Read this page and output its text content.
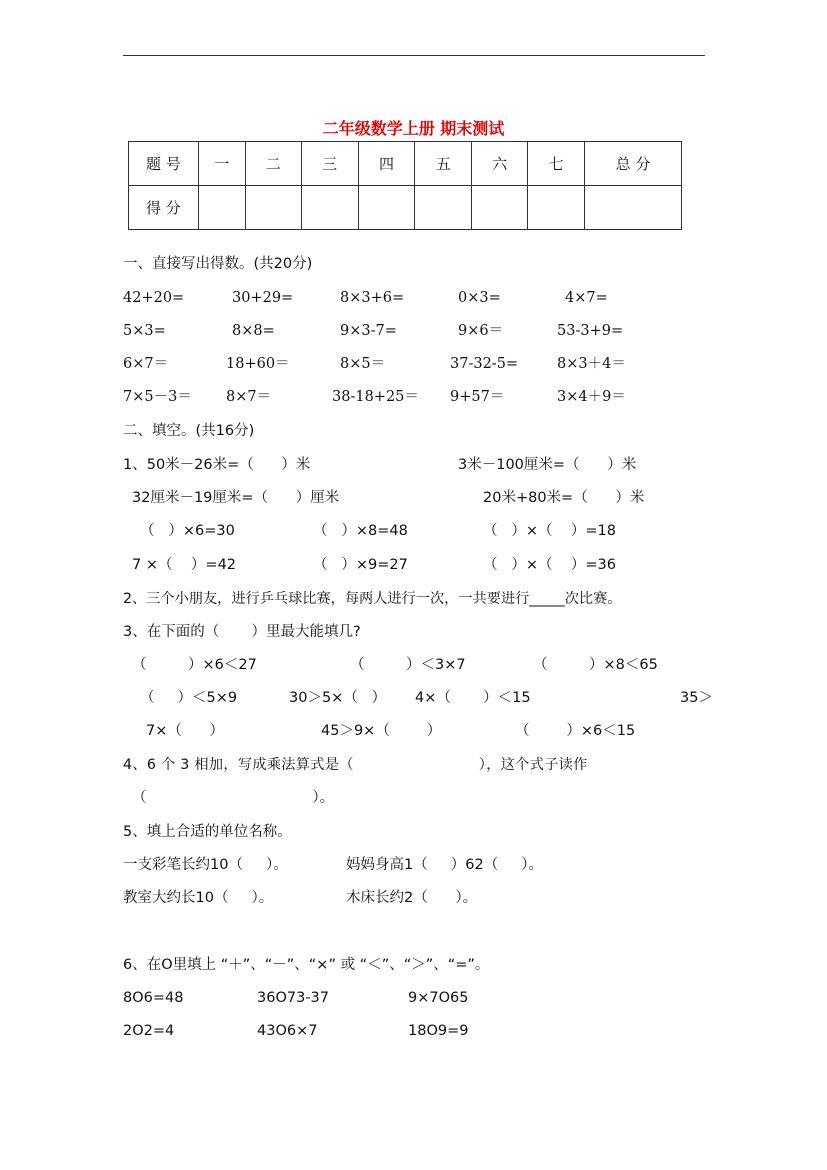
二年级数学上册 期末测试
题 号	一	二	三	四	五	六	七	总 分
得 分								
一、直接写出得数。(共20分)
42+20=	30+29=	8×3+6=	0×3=	4×7=
5×3=	8×8=	9×3-7=	9×6＝	53-3+9=
6×7＝	18+60＝	8×5＝	37-32-5=	8×3＋4＝
7×5－3＝ 8×7＝	38-18+25＝ 9+57＝	3×4＋9＝
二、填空。(共16分)
1、50米－26米=（      ）米	3米－100厘米=（      ）米
32厘米－19厘米=（      ）厘米	20米+80米=（      ）米
（   ）×6=30	（   ）×8=48	（   ）×（    ）=18
7 ×（    ）=42	（   ）×9=27	（   ）×（    ）=36
2、三个小朋友，进行乒乓球比赛，每两人进行一次，一共要进行_____次比赛。
3、在下面的（       ）里最大能填几?
（         ）×6＜27	（         ）＜3×7	（         ）×8＜65
（     ）＜5×9	30＞5×（   ） 4×（       ）＜15	35＞
7×（      ）	45＞9×（        ）	（        ）×6＜15
4、6 个 3 相加，写成乘法算式是（                          ），这个式子读作
（                                    ）。
5、填上合适的单位名称。
一支彩笔长约10（     ）。	妈妈身高1（     ）62（     ）。
教室大约长10（     ）。	木床长约2（      ）。
6、在O里填上 “＋”、“－”、“×” 或 “＜”、“＞”、“=”。
8O6=48	36O73-37	9×7O65
2O2=4	43O6×7	18O9=9
